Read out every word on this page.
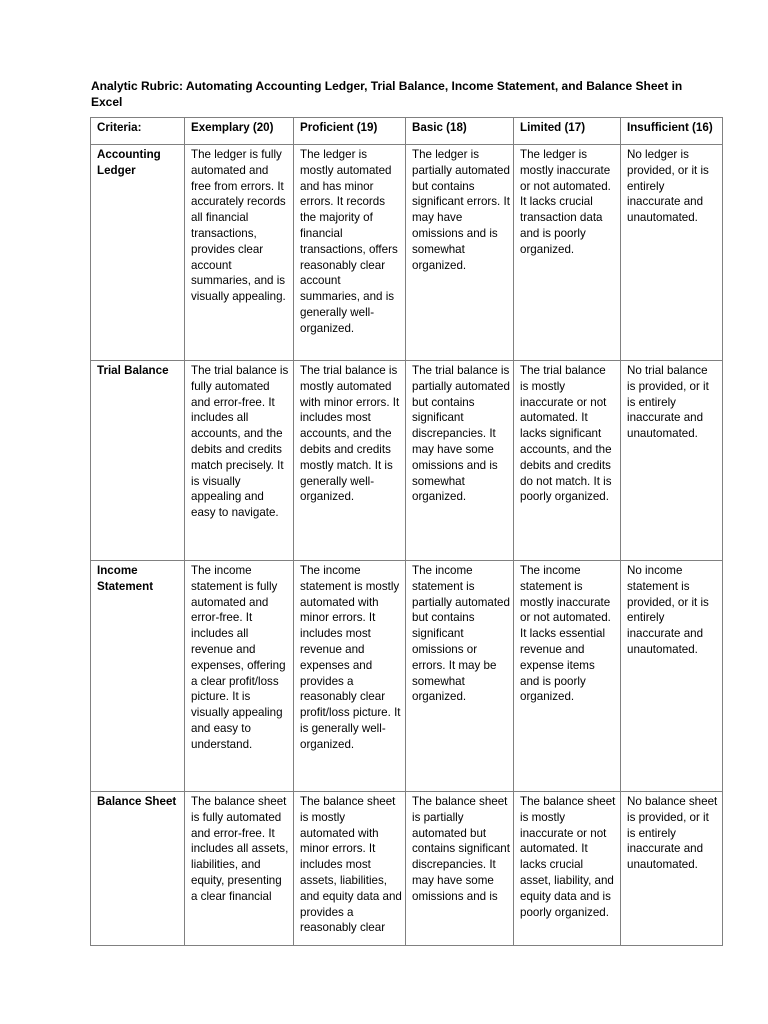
Analytic Rubric: Automating Accounting Ledger, Trial Balance, Income Statement, and Balance Sheet in Excel
Criteria:	Exemplary (20)	Proficient (19)	Basic (18)	Limited (17)	Insufficient (16)
Accounting Ledger	The ledger is fully automated and free from errors. It accurately records all financial transactions, provides clear account summaries, and is visually appealing.	The ledger is mostly automated and has minor errors. It records the majority of financial transactions, offers reasonably clear account summaries, and is generally well-organized.	The ledger is partially automated but contains significant errors. It may have omissions and is somewhat organized.	The ledger is mostly inaccurate or not automated. It lacks crucial transaction data and is poorly organized.	No ledger is provided, or it is entirely inaccurate and unautomated.
Trial Balance	The trial balance is fully automated and error-free. It includes all accounts, and the debits and credits match precisely. It is visually appealing and easy to navigate.	The trial balance is mostly automated with minor errors. It includes most accounts, and the debits and credits mostly match. It is generally well-organized.	The trial balance is partially automated but contains significant discrepancies. It may have some omissions and is somewhat organized.	The trial balance is mostly inaccurate or not automated. It lacks significant accounts, and the debits and credits do not match. It is poorly organized.	No trial balance is provided, or it is entirely inaccurate and unautomated.
Income Statement	The income statement is fully automated and error-free. It includes all revenue and expenses, offering a clear profit/loss picture. It is visually appealing and easy to understand.	The income statement is mostly automated with minor errors. It includes most revenue and expenses and provides a reasonably clear profit/loss picture. It is generally well-organized.	The income statement is partially automated but contains significant omissions or errors. It may be somewhat organized.	The income statement is mostly inaccurate or not automated. It lacks essential revenue and expense items and is poorly organized.	No income statement is provided, or it is entirely inaccurate and unautomated.
Balance Sheet	The balance sheet is fully automated and error-free. It includes all assets, liabilities, and equity, presenting a clear financial	The balance sheet is mostly automated with minor errors. It includes most assets, liabilities, and equity data and provides a reasonably clear	The balance sheet is partially automated but contains significant discrepancies. It may have some omissions and is	The balance sheet is mostly inaccurate or not automated. It lacks crucial asset, liability, and equity data and is poorly organized.	No balance sheet is provided, or it is entirely inaccurate and unautomated.
